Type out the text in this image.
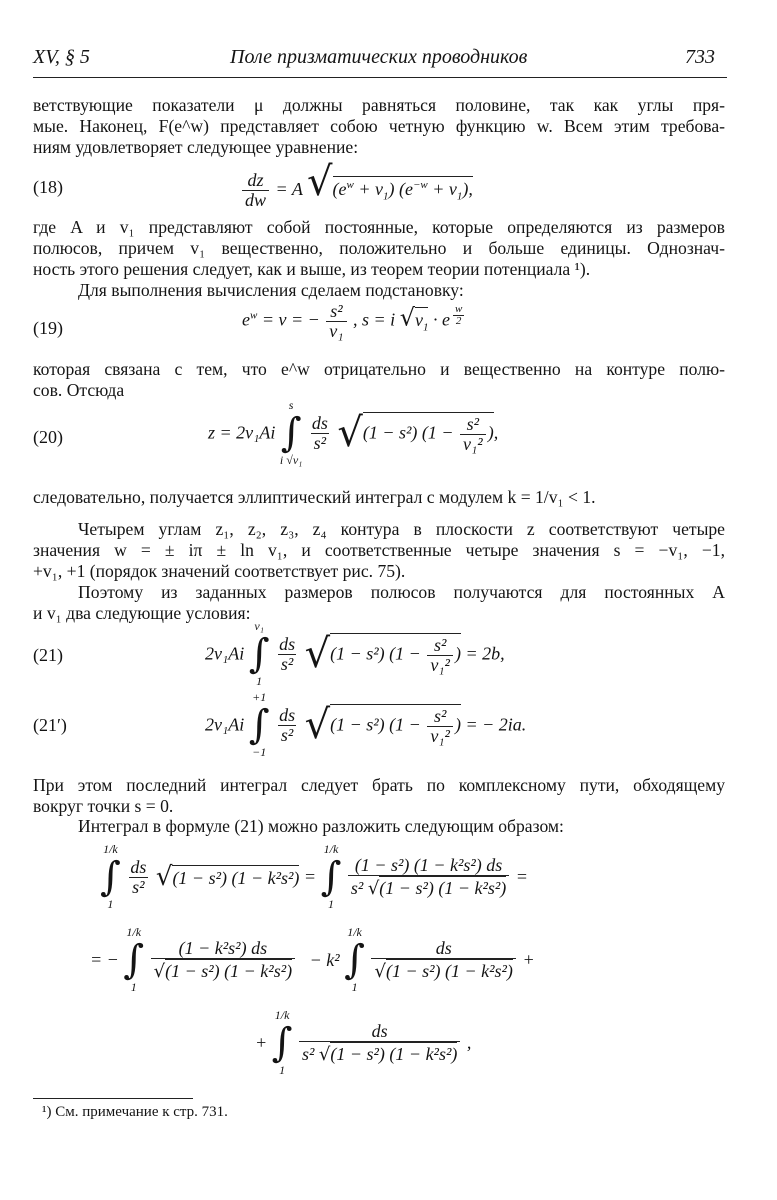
XV, § 5	Поле призматических проводников	733
ветствующие показатели μ должны равняться половине, так как углы пря-
мые. Наконец, F(e^w) представляет собою четную функцию w. Всем этим требова-
ниям удовлетворяет следующее уравнение:
(18)	$\frac{dz}{dw} = A$ $√(e^w + v_1) (e^{-w} + v_1)$,
где A и v₁ представляют собой постоянные, которые определяются из размеров
полюсов, причем v₁ вещественно, положительно и больше единицы. Однознач-
ность этого решения следует, как и выше, из теорем теории потенциала ¹).
Для выполнения вычисления сделаем подстановку:
(19)	$e^w = v$ = − $\frac{\text{s²}}{\text{v₁}}$ , s = i $√v_1 \cdot e$ $^{\frac{w}{2}}$
которая связана с тем, что e^w отрицательно и вещественно на контуре полю-
сов. Отсюда
(20)	z = 2v₁Ai
s
∫
i √v₁

$\frac{ds}{\text{s²}} √(1 - s^2) (1 - \frac{\text{s²}}{\text{v₁²}}$ ),
следовательно, получается эллиптический интеграл с модулем k = 1/v₁ < 1.
Четырем углам z₁, z₂, z₃, z₄ контура в плоскости z соответствуют четыре
значения w = ± iπ ± ln v₁, и соответственные четыре значения s = −v₁, −1,
+v₁, +1 (порядок значений соответствует рис. 75).
Поэтому из заданных размеров полюсов получаются для постоянных A
и v₁ два следующие условия:
(21)	2v₁Ai
v₁
∫
1

$\frac{ds}{\text{s²}} √(1 - s^2) (1 - \frac{\text{s²}}{\text{v₁²}}$ ) = 2b,
(21′)	2v₁Ai
+1
∫
−1

$\frac{ds}{\text{s²}} √(1 - s^2) (1 - \frac{\text{s²}}{\text{v₁²}}$ ) = − 2ia.
При этом последний интеграл следует брать по комплексному пути, обходящему
вокруг точки s = 0.
Интеграл в формуле (21) можно разложить следующим образом:
1/k
∫
1

$\frac{ds}{\text{s²}} √(1 - s^2) (1 - k^2s^2)$ =
1/k
∫
1

$\frac{\text{(1 − s²) (1 − k²s²) ds}}{\text{s² √(1 − s²) (1 − k²s²)}}$ =
= −
1/k
∫
1

$\frac{\text{(1 − k²s²) ds}}{\text{√(1 − s²) (1 − k²s²)}} - k^2$
1/k
∫
1

$\frac{ds}{\text{√(1 − s²) (1 − k²s²)}}$ +
+
1/k
∫
1

$\frac{ds}{\text{s² √(1 − s²) (1 − k²s²)}}$ ,
¹) См. примечание к стр. 731.
